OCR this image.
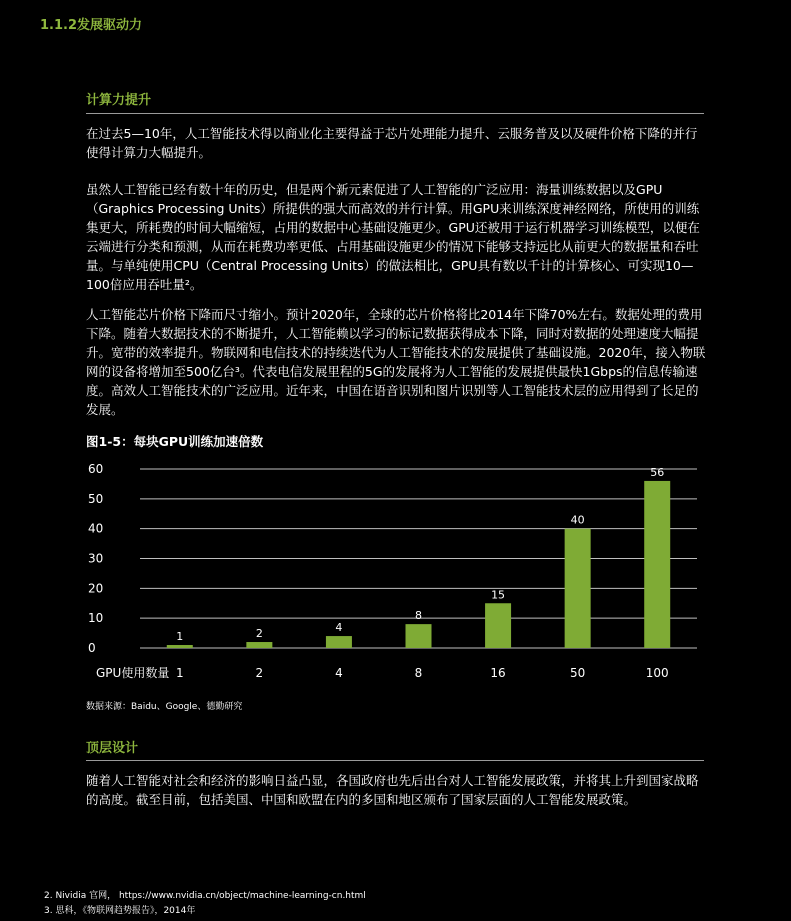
1.1.2发展驱动力
计算力提升

在过去5—10年，人工智能技术得以商业化主要得益于芯片处理能力提升、云服务普及以及硬件价格下降的并行使得计算力大幅提升。

虽然人工智能已经有数十年的历史，但是两个新元素促进了人工智能的广泛应用：海量训练数据以及GPU（Graphics Processing Units）所提供的强大而高效的并行计算。用GPU来训练深度神经网络，所使用的训练集更大，所耗费的时间大幅缩短，占用的数据中心基础设施更少。GPU还被用于运行机器学习训练模型，以便在云端进行分类和预测，从而在耗费功率更低、占用基础设施更少的情况下能够支持远比从前更大的数据量和吞吐量。与单纯使用CPU（Central Processing Units）的做法相比，GPU具有数以千计的计算核心、可实现10—100倍应用吞吐量²。

人工智能芯片价格下降而尺寸缩小。预计2020年，全球的芯片价格将比2014年下降70%左右。数据处理的费用下降。随着大数据技术的不断提升，人工智能赖以学习的标记数据获得成本下降，同时对数据的处理速度大幅提升。宽带的效率提升。物联网和电信技术的持续迭代为人工智能技术的发展提供了基础设施。2020年，接入物联网的设备将增加至500亿台³。代表电信发展里程的5G的发展将为人工智能的发展提供最快1Gbps的信息传输速度。高效人工智能技术的广泛应用。近年来，中国在语音识别和图片识别等人工智能技术层的应用得到了长足的发展。

图1-5：每块GPU训练加速倍数
0
10
20
30
40
50
60
1	2	4
8
15
40
56
1	2	4	8	16	50	100
GPU使用数量
数据来源：Baidu、Google、德勤研究
顶层设计

随着人工智能对社会和经济的影响日益凸显，各国政府也先后出台对人工智能发展政策，并将其上升到国家战略的高度。截至目前，包括美国、中国和欧盟在内的多国和地区颁布了国家层面的人工智能发展政策。

2. Nividia 官网， https://www.nvidia.cn/object/machine-learning-cn.html
3. 思科，《物联网趋势报告》，2014年
